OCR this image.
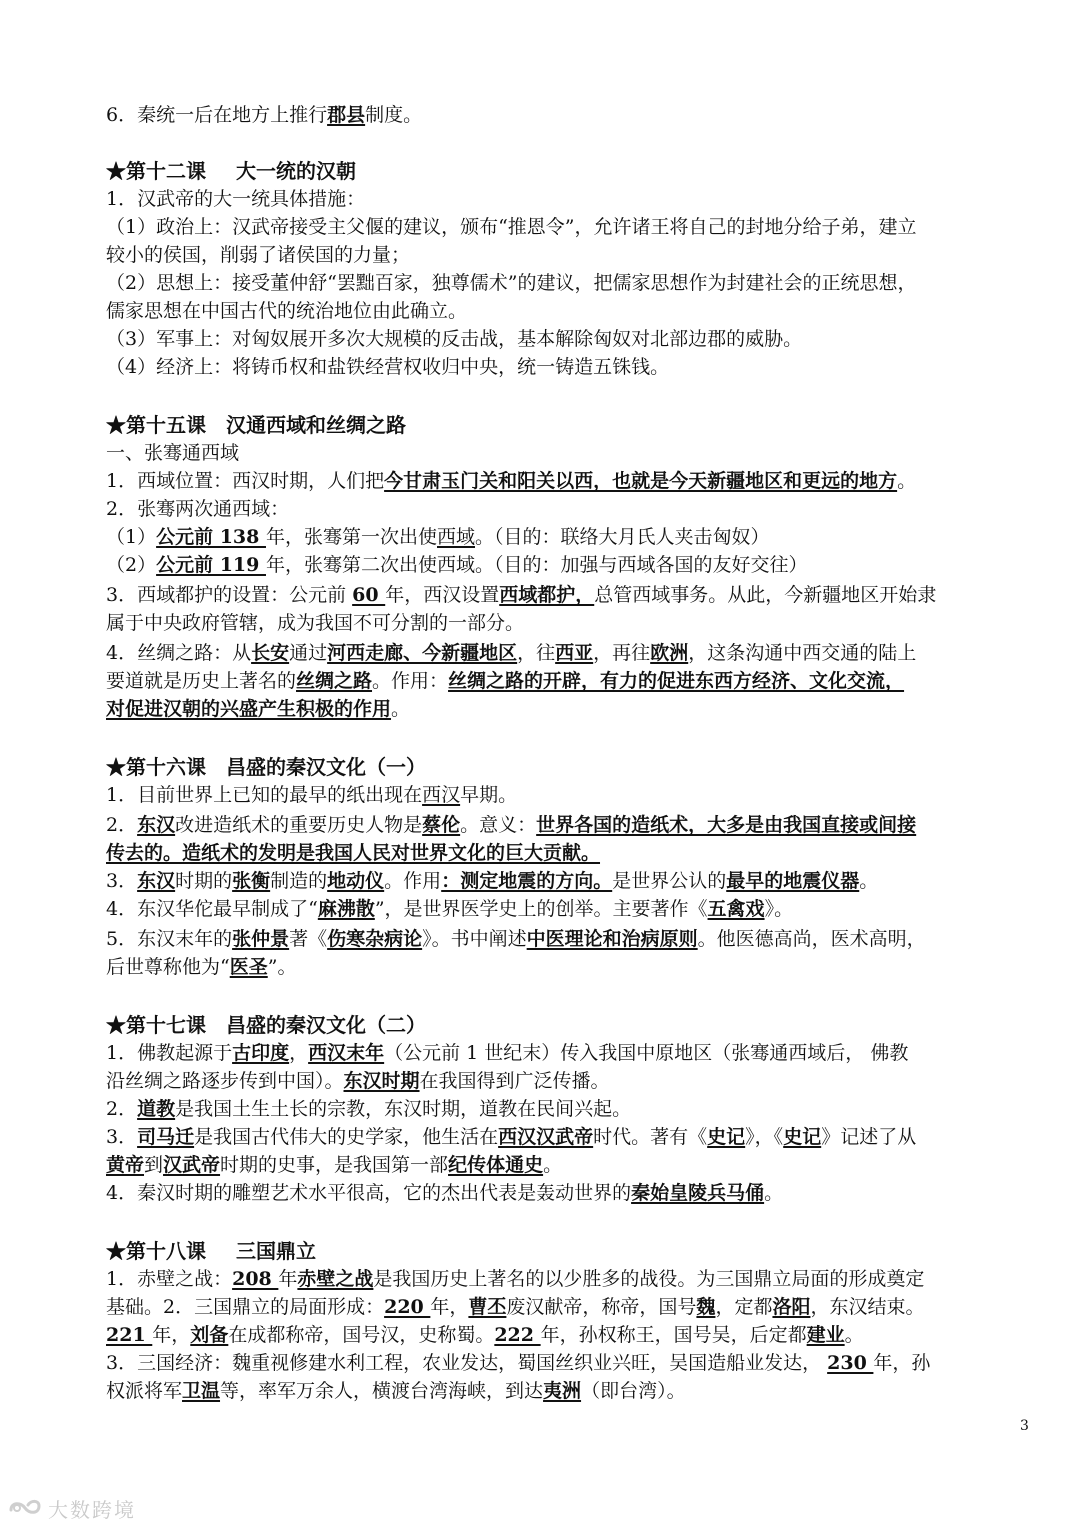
6．秦统一后在地方上推行郡县制度。
★第十二课 大一统的汉朝
1．汉武帝的大一统具体措施：
（1）政治上：汉武帝接受主父偃的建议，颁布“推恩令”，允许诸王将自己的封地分给子弟，建立
较小的侯国，削弱了诸侯国的力量；
（2）思想上：接受董仲舒“罢黜百家，独尊儒术”的建议，把儒家思想作为封建社会的正统思想，
儒家思想在中国古代的统治地位由此确立。
（3）军事上：对匈奴展开多次大规模的反击战，基本解除匈奴对北部边郡的威胁。
（4）经济上：将铸币权和盐铁经营权收归中央，统一铸造五铢钱。
★第十五课　汉通西域和丝绸之路
一、张骞通西域
1．西域位置：西汉时期，人们把今甘肃玉门关和阳关以西，也就是今天新疆地区和更远的地方。
2．张骞两次通西域：
（1）公元前 138 年，张骞第一次出使西域。（目的：联络大月氏人夹击匈奴）
（2）公元前 119 年，张骞第二次出使西域。（目的：加强与西域各国的友好交往）
3．西域都护的设置：公元前 60 年，西汉设置西域都护，总管西域事务。从此，今新疆地区开始隶
属于中央政府管辖，成为我国不可分割的一部分。
4．丝绸之路：从长安通过河西走廊、今新疆地区，往西亚，再往欧洲，这条沟通中西交通的陆上
要道就是历史上著名的丝绸之路。作用：丝绸之路的开辟，有力的促进东西方经济、文化交流，
对促进汉朝的兴盛产生积极的作用。
★第十六课　昌盛的秦汉文化（一）
1．目前世界上已知的最早的纸出现在西汉早期。
2．东汉改进造纸术的重要历史人物是蔡伦。意义：世界各国的造纸术，大多是由我国直接或间接
传去的。造纸术的发明是我国人民对世界文化的巨大贡献。
3．东汉时期的张衡制造的地动仪。作用：测定地震的方向。是世界公认的最早的地震仪器。
4．东汉华佗最早制成了“麻沸散”，是世界医学史上的创举。主要著作《五禽戏》。
5．东汉末年的张仲景著《伤寒杂病论》。书中阐述中医理论和治病原则。他医德高尚，医术高明，
后世尊称他为“医圣”。
★第十七课　昌盛的秦汉文化（二）
1．佛教起源于古印度，西汉末年（公元前 1 世纪末）传入我国中原地区（张骞通西域后， 佛教
沿丝绸之路逐步传到中国）。东汉时期在我国得到广泛传播。
2．道教是我国土生土长的宗教，东汉时期，道教在民间兴起。
3．司马迁是我国古代伟大的史学家，他生活在西汉汉武帝时代。著有《史记》，《史记》记述了从
黄帝到汉武帝时期的史事，是我国第一部纪传体通史。
4．秦汉时期的雕塑艺术水平很高，它的杰出代表是轰动世界的秦始皇陵兵马俑。
★第十八课 三国鼎立
1．赤壁之战：208 年赤壁之战是我国历史上著名的以少胜多的战役。为三国鼎立局面的形成奠定
基础。2．三国鼎立的局面形成：220 年，曹丕废汉献帝，称帝，国号魏，定都洛阳，东汉结束。
221 年，刘备在成都称帝，国号汉，史称蜀。222 年，孙权称王，国号吴，后定都建业。
3．三国经济：魏重视修建水利工程，农业发达，蜀国丝织业兴旺，吴国造船业发达， 230 年，孙
权派将军卫温等，率军万余人，横渡台湾海峡，到达夷洲（即台湾）。
3
大数跨境
